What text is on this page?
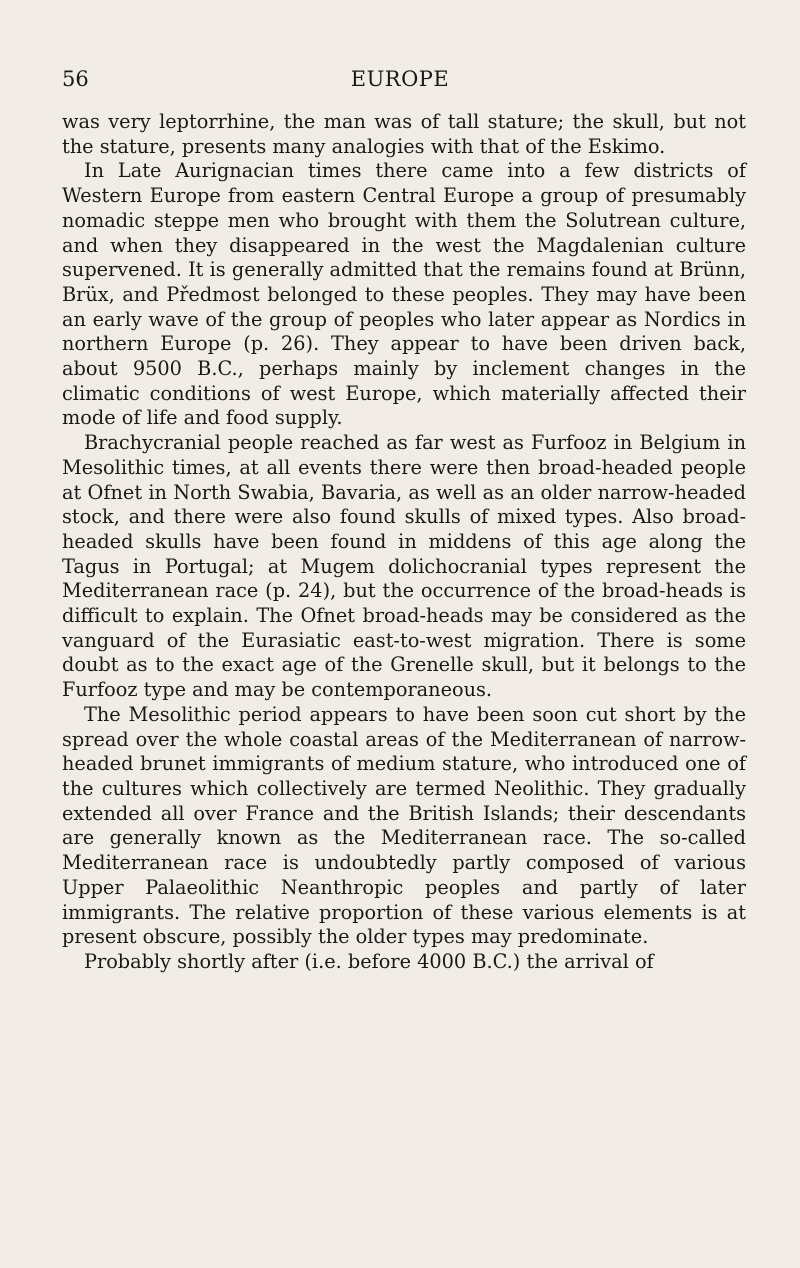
56	EUROPE

was very leptorrhine, the man was of tall stature; the skull, but not the stature, presents many analogies with that of the Eskimo.

In Late Aurignacian times there came into a few districts of Western Europe from eastern Central Europe a group of presumably nomadic steppe men who brought with them the Solutrean culture, and when they disappeared in the west the Magdalenian culture supervened. It is generally admitted that the remains found at Brünn, Brüx, and Předmost belonged to these peoples. They may have been an early wave of the group of peoples who later appear as Nordics in northern Europe (p. 26). They appear to have been driven back, about 9500 B.C., perhaps mainly by inclement changes in the climatic conditions of west Europe, which materially affected their mode of life and food supply.

Brachycranial people reached as far west as Furfooz in Belgium in Mesolithic times, at all events there were then broad-headed people at Ofnet in North Swabia, Bavaria, as well as an older narrow-headed stock, and there were also found skulls of mixed types. Also broad-headed skulls have been found in middens of this age along the Tagus in Portugal; at Mugem dolichocranial types represent the Mediterranean race (p. 24), but the occurrence of the broad-heads is difficult to explain. The Ofnet broad-heads may be considered as the vanguard of the Eurasiatic east-to-west migration. There is some doubt as to the exact age of the Grenelle skull, but it belongs to the Furfooz type and may be contemporaneous.

The Mesolithic period appears to have been soon cut short by the spread over the whole coastal areas of the Mediterranean of narrow-headed brunet immigrants of medium stature, who introduced one of the cultures which collectively are termed Neolithic. They gradually extended all over France and the British Islands; their descendants are generally known as the Mediterranean race. The so-called Mediterranean race is undoubtedly partly composed of various Upper Palaeolithic Neanthropic peoples and partly of later immigrants. The relative proportion of these various elements is at present obscure, possibly the older types may predominate.

Probably shortly after (i.e. before 4000 B.C.) the arrival of
